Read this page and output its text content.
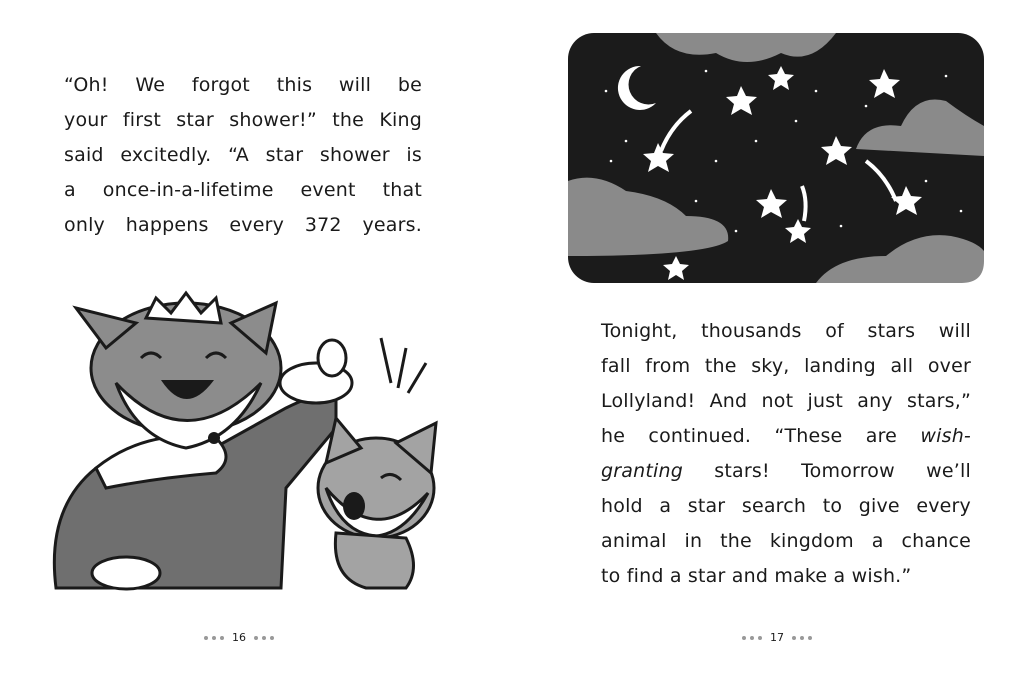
“Oh! We forgot this will be
your first star shower!” the King
said excitedly. “A star shower is
a once-in-a-lifetime event that
only happens every 372 years.
16
Tonight, thousands of stars will
fall from the sky, landing all over
Lollyland! And not just any stars,”
he continued. “These are wish-
granting stars! Tomorrow we’ll
hold a star search to give every
animal in the kingdom a chance
to find a star and make a wish.”
17
